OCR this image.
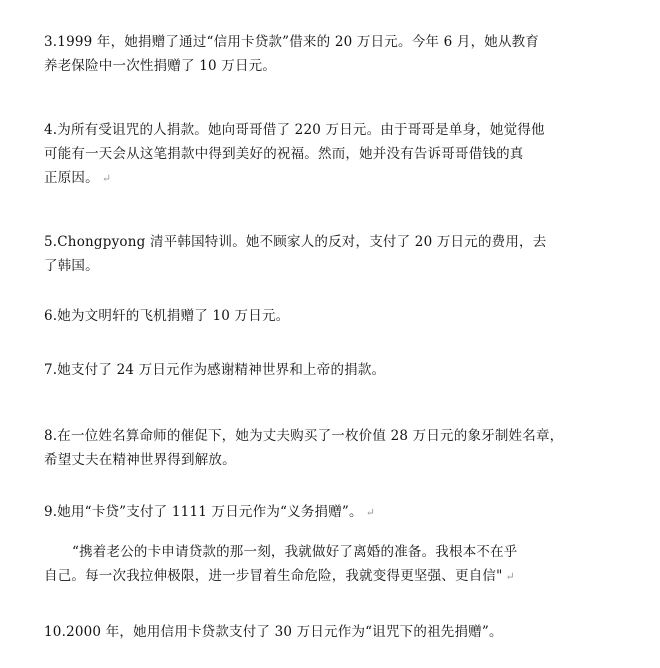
3.1999 年，她捐赠了通过“信用卡贷款”借来的 20 万日元。今年 6 月，她从教育
养老保险中一次性捐赠了 10 万日元。
4.为所有受诅咒的人捐款。她向哥哥借了 220 万日元。由于哥哥是单身，她觉得他
可能有一天会从这笔捐款中得到美好的祝福。然而，她并没有告诉哥哥借钱的真
正原因。 ↵
5.Chongpyong 清平韩国特训。她不顾家人的反对，支付了 20 万日元的费用，去
了韩国。
6.她为文明轩的飞机捐赠了 10 万日元。
7.她支付了 24 万日元作为感谢精神世界和上帝的捐款。
8.在一位姓名算命师的催促下，她为丈夫购买了一枚价值 28 万日元的象牙制姓名章，
希望丈夫在精神世界得到解放。
9.她用“卡贷”支付了 1111 万日元作为“义务捐赠”。 ↵
“携着老公的卡申请贷款的那一刻，我就做好了离婚的准备。我根本不在乎
自己。每一次我拉伸极限，进一步冒着生命危险，我就变得更坚强、更自信" ↵
10.2000 年，她用信用卡贷款支付了 30 万日元作为“诅咒下的祖先捐赠”。
